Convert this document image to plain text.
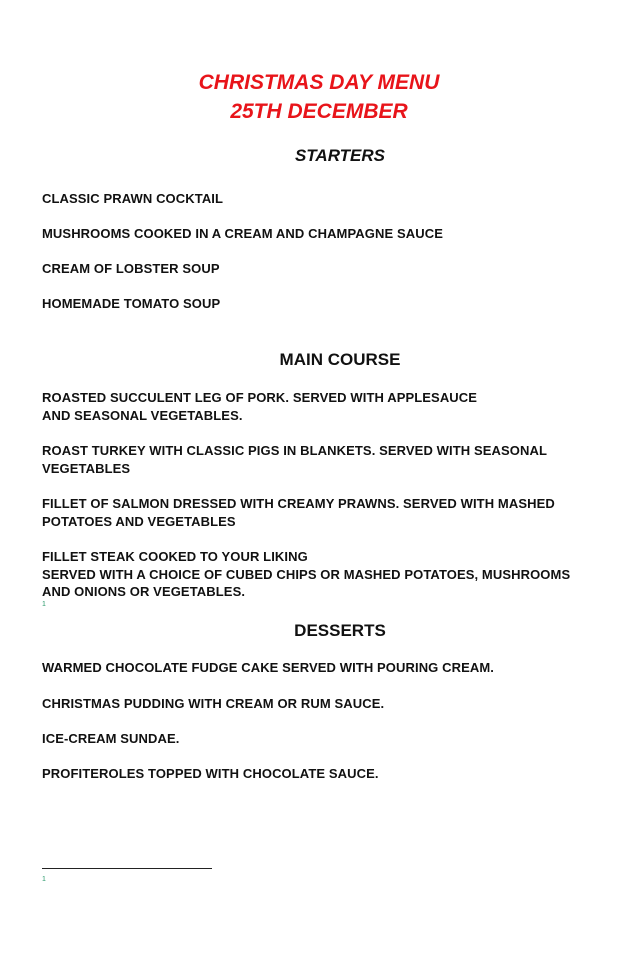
CHRISTMAS DAY MENU
25TH DECEMBER
STARTERS
CLASSIC PRAWN COCKTAIL
MUSHROOMS COOKED IN A CREAM AND CHAMPAGNE SAUCE
CREAM OF LOBSTER SOUP
HOMEMADE TOMATO SOUP
MAIN COURSE
ROASTED SUCCULENT LEG OF PORK. SERVED WITH APPLESAUCE
AND SEASONAL VEGETABLES.
ROAST TURKEY WITH CLASSIC PIGS IN BLANKETS. SERVED WITH SEASONAL
VEGETABLES
FILLET OF SALMON DRESSED WITH CREAMY PRAWNS. SERVED WITH MASHED
POTATOES AND VEGETABLES
FILLET STEAK COOKED TO YOUR LIKING
SERVED WITH A CHOICE OF CUBED CHIPS OR MASHED POTATOES, MUSHROOMS
AND ONIONS OR VEGETABLES.
1
DESSERTS
WARMED CHOCOLATE FUDGE CAKE SERVED WITH POURING CREAM.
CHRISTMAS PUDDING WITH CREAM OR RUM SAUCE.
ICE-CREAM SUNDAE.
PROFITEROLES TOPPED WITH CHOCOLATE SAUCE.
1
